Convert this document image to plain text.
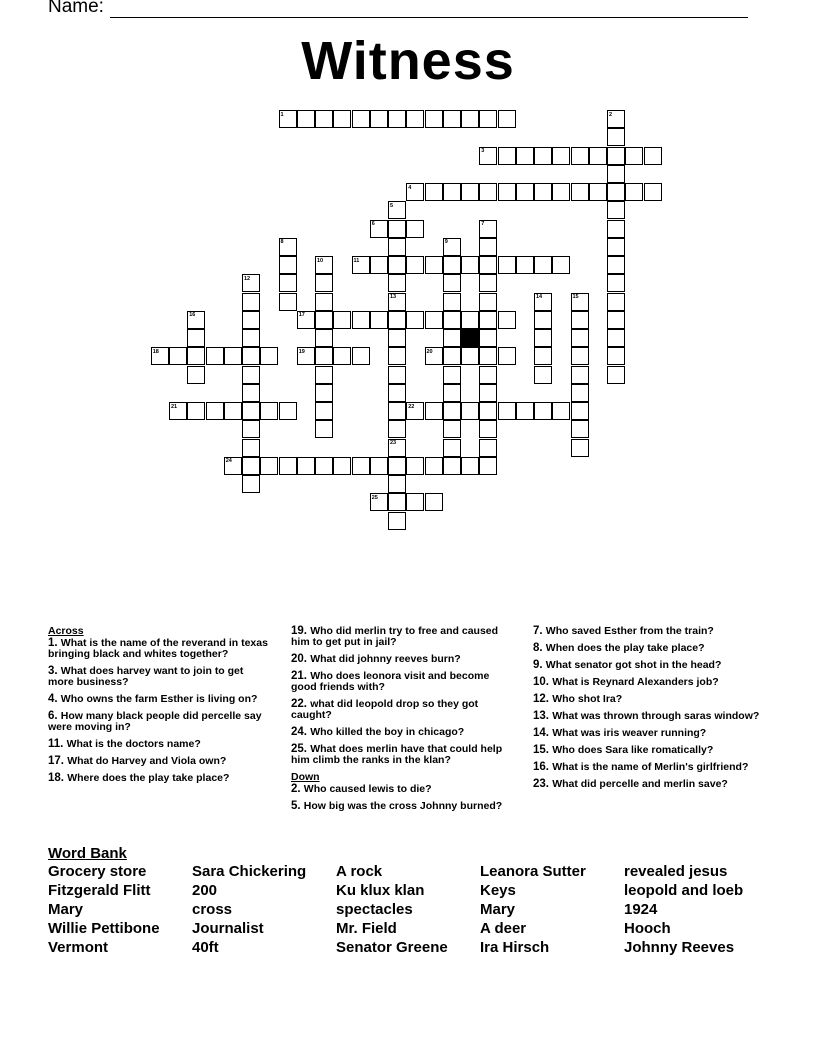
Name:
Witness
1	2
3
4
5
6	7
8	9
10	11
12
13	14	15
16	17
18	19	20
21	22
23
24
25
Across
1. What is the name of the reverand in texas bringing black and whites together?
3. What does harvey want to join to get more business?
4. Who owns the farm Esther is living on?
6. How many black people did percelle say were moving in?
11. What is the doctors name?
17. What do Harvey and Viola own?
18. Where does the play take place?
19. Who did merlin try to free and caused him to get put in jail?
20. What did johnny reeves burn?
21. Who does leonora visit and become good friends with?
22. what did leopold drop so they got caught?
24. Who killed the boy in chicago?
25. What does merlin have that could help him climb the ranks in the klan?
Down
2. Who caused lewis to die?
5. How big was the cross Johnny burned?
7. Who saved Esther from the train?
8. When does the play take place?
9. What senator got shot in the head?
10. What is Reynard Alexanders job?
12. Who shot Ira?
13. What was thrown through saras window?
14. What was iris weaver running?
15. Who does Sara like romatically?
16. What is the name of Merlin's girlfriend?
23. What did percelle and merlin save?
Word Bank
Grocery store	Sara Chickering	A rock	Leanora Sutter	revealed jesus
Fitzgerald Flitt	200	Ku klux klan	Keys	leopold and loeb
Mary	cross	spectacles	Mary	1924
Willie Pettibone	Journalist	Mr. Field	A deer	Hooch
Vermont	40ft	Senator Greene	Ira Hirsch	Johnny Reeves
